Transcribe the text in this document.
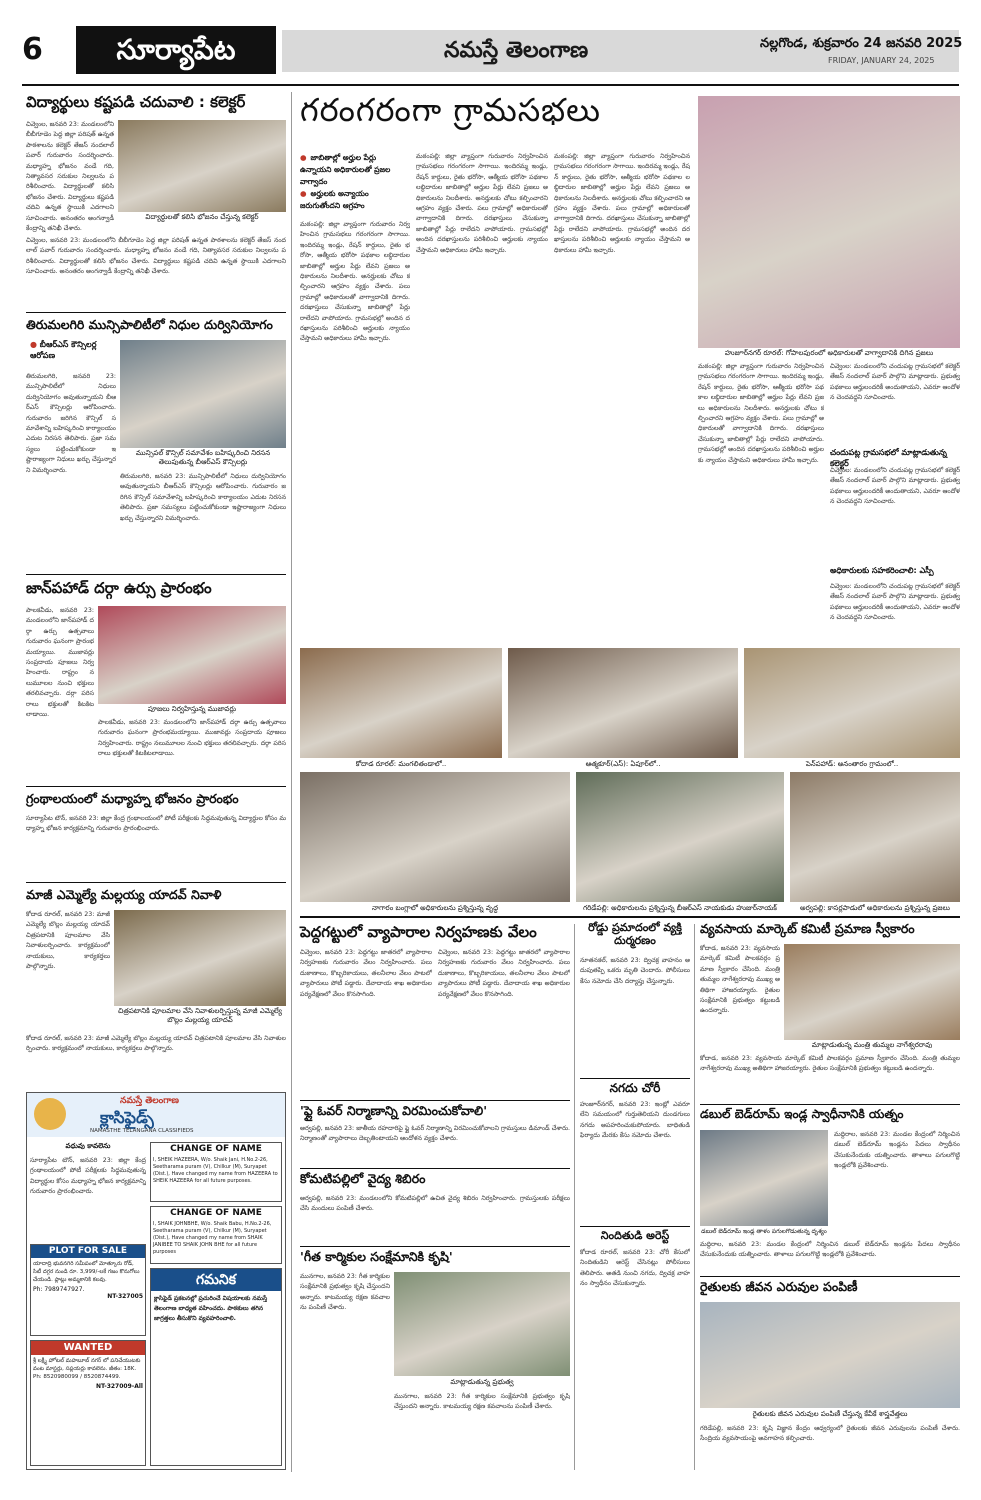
6	సూర్యాపేట	నమస్తే తెలంగాణ	నల్లగొండ, శుక్రవారం 24 జనవరి 2025
FRIDAY, JANUARY 24, 2025
విద్యార్థులు కష్టపడి చదువాలి : కలెక్టర్
చివ్వెంల, జనవరి 23: మండలంలోని బీబీగూడెం పెద్ద జిల్లా పరిషత్ ఉన్నత పాఠశాలను కలెక్టర్ తేజస్ నందలాల్ పవార్ గురువారం సందర్శించారు. మధ్యాహ్న భోజనం వండే గది, నిత్యావసర సరుకుల నిల్వలను పరిశీలించారు. విద్యార్థులతో కలిసి భోజనం చేశారు. విద్యార్థులు కష్టపడి చదివి ఉన్నత స్థాయికి ఎదగాలని సూచించారు. అనంతరం అంగన్వాడీ కేంద్రాన్ని తనిఖీ చేశారు.
విద్యార్థులతో కలిసి భోజనం చేస్తున్న కలెక్టర్
చివ్వెంల, జనవరి 23: మండలంలోని బీబీగూడెం పెద్ద జిల్లా పరిషత్ ఉన్నత పాఠశాలను కలెక్టర్ తేజస్ నందలాల్ పవార్ గురువారం సందర్శించారు. మధ్యాహ్న భోజనం వండే గది, నిత్యావసర సరుకుల నిల్వలను పరిశీలించారు. విద్యార్థులతో కలిసి భోజనం చేశారు. విద్యార్థులు కష్టపడి చదివి ఉన్నత స్థాయికి ఎదగాలని సూచించారు. అనంతరం అంగన్వాడీ కేంద్రాన్ని తనిఖీ చేశారు.
తిరుమలగిరి మున్సిపాలిటీలో నిధుల దుర్వినియోగం
● బీఆర్‌ఎస్ కౌన్సిలర్ల ఆరోపణ
తిరుమలగిరి, జనవరి 23: మున్సిపాలిటీలో నిధులు దుర్వినియోగం అవుతున్నాయని బీఆర్‌ఎస్ కౌన్సిలర్లు ఆరోపించారు. గురువారం జరిగిన కౌన్సిల్ సమావేశాన్ని బహిష్కరించి కార్యాలయం ఎదుట నిరసన తెలిపారు. ప్రజా సమస్యలు పట్టించుకోకుండా ఇష్టారాజ్యంగా నిధులు ఖర్చు చేస్తున్నారని విమర్శించారు.
మున్సిపల్ కౌన్సిల్ సమావేశం బహిష్కరించి నిరసన తెలుపుతున్న బీఆర్‌ఎస్ కౌన్సిలర్లు
తిరుమలగిరి, జనవరి 23: మున్సిపాలిటీలో నిధులు దుర్వినియోగం అవుతున్నాయని బీఆర్‌ఎస్ కౌన్సిలర్లు ఆరోపించారు. గురువారం జరిగిన కౌన్సిల్ సమావేశాన్ని బహిష్కరించి కార్యాలయం ఎదుట నిరసన తెలిపారు. ప్రజా సమస్యలు పట్టించుకోకుండా ఇష్టారాజ్యంగా నిధులు ఖర్చు చేస్తున్నారని విమర్శించారు.
జాన్‌పహాడ్ దర్గా ఉర్సు ప్రారంభం
పాలకవీడు, జనవరి 23: మండలంలోని జాన్‌పహాడ్ దర్గా ఉర్సు ఉత్సవాలు గురువారం ఘనంగా ప్రారంభమయ్యాయి. ముజావర్లు సంప్రదాయ పూజలు నిర్వహించారు. రాష్ట్రం నలుమూలల నుంచి భక్తులు తరలివచ్చారు. దర్గా పరిసరాలు భక్తులతో కిటకిటలాడాయి.
పూజలు నిర్వహిస్తున్న ముజావర్లు
పాలకవీడు, జనవరి 23: మండలంలోని జాన్‌పహాడ్ దర్గా ఉర్సు ఉత్సవాలు గురువారం ఘనంగా ప్రారంభమయ్యాయి. ముజావర్లు సంప్రదాయ పూజలు నిర్వహించారు. రాష్ట్రం నలుమూలల నుంచి భక్తులు తరలివచ్చారు. దర్గా పరిసరాలు భక్తులతో కిటకిటలాడాయి.
గ్రంథాలయంలో మధ్యాహ్న భోజనం ప్రారంభం
సూర్యాపేట టౌన్, జనవరి 23: జిల్లా కేంద్ర గ్రంథాలయంలో పోటీ పరీక్షలకు సిద్ధమవుతున్న విద్యార్థుల కోసం మధ్యాహ్న భోజన కార్యక్రమాన్ని గురువారం ప్రారంభించారు.
మాజీ ఎమ్మెల్యే మల్లయ్య యాదవ్ నివాళి
కోదాడ రూరల్, జనవరి 23: మాజీ ఎమ్మెల్యే బొల్లం మల్లయ్య యాదవ్ చిత్రపటానికి పూలమాల వేసి నివాళులర్పించారు. కార్యక్రమంలో నాయకులు, కార్యకర్తలు పాల్గొన్నారు.
చిత్రపటానికి పూలమాల వేసి నివాళులర్పిస్తున్న మాజీ ఎమ్మెల్యే బొల్లం మల్లయ్య యాదవ్
కోదాడ రూరల్, జనవరి 23: మాజీ ఎమ్మెల్యే బొల్లం మల్లయ్య యాదవ్ చిత్రపటానికి పూలమాల వేసి నివాళులర్పించారు. కార్యక్రమంలో నాయకులు, కార్యకర్తలు పాల్గొన్నారు.
నమస్తే తెలంగాణ
క్లాసిఫైడ్స్
NAMASTHE TELANGANA CLASSIFIEDS
వధువు కావలెను
సూర్యాపేట టౌన్, జనవరి 23: జిల్లా కేంద్ర గ్రంథాలయంలో పోటీ పరీక్షలకు సిద్ధమవుతున్న విద్యార్థుల కోసం మధ్యాహ్న భోజన కార్యక్రమాన్ని గురువారం ప్రారంభించారు.
CHANGE OF NAME
I, SHEIK HAZEERA, W/o. Shaik Jani, H.No.2-26, Seetharama puram (V), Chilkur (M), Suryapet (Dist.), Have changed my name from HAZEERA to SHEIK HAZEERA for all future purposes.
PLOT FOR SALE
యాదాద్రి భువనగిరి సమీపంలో మోత్కూరు రోడ్, సిటీ దగ్గర నుండి రూ. 3,999/-లకే గజం కొనుగోలు చేయండి. ప్లాట్లు అమ్మకానికి కలవు.
Ph: 7989747927.
NT-327005
CHANGE OF NAME
I, SHAIK JOHNBHE, W/o. Shaik Babu, H.No.2-26, Seetharama puram (V), Chilkur (M), Suryapet (Dist.), Have changed my name from SHAIK JANIBEE TO SHAIK JOHN BHE for all future purposes
WANTED
శ్రీ లక్ష్మీ హోటల్ మహబూబ్ నగర్ లో పనిచేయుటకు వంట మాస్టర్లు, సప్లయర్లు కావలెను. జీతం: 18K. Ph: 8520980099 / 8520874499.
NT-327009-All
గమనిక
క్లాసిఫైడ్ ప్రకటనల్లో ప్రచురించే విషయాలకు నమస్తే తెలంగాణ బాధ్యత వహించదు. పాఠకులు తగిన జాగ్రత్తలు తీసుకొని వ్యవహరించాలి.
గరంగరంగా గ్రామసభలు
● జాబితాల్లో అర్హుల పేర్లు ఉన్నాయని అధికారులతో ప్రజల వాగ్వాదం
● అర్హులకు అన్యాయం జరుగుతోందని ఆగ్రహం
మఠంపల్లి: జిల్లా వ్యాప్తంగా గురువారం నిర్వహించిన గ్రామసభలు గరంగరంగా సాగాయి. ఇందిరమ్మ ఇండ్లు, రేషన్ కార్డులు, రైతు భరోసా, ఆత్మీయ భరోసా పథకాల లబ్ధిదారుల జాబితాల్లో అర్హుల పేర్లు లేవని ప్రజలు అధికారులను నిలదీశారు. అనర్హులకు చోటు కల్పించారని ఆగ్రహం వ్యక్తం చేశారు. పలు గ్రామాల్లో అధికారులతో వాగ్వాదానికి దిగారు. దరఖాస్తులు చేసుకున్నా జాబితాల్లో పేర్లు రాలేదని వాపోయారు. గ్రామసభల్లో అందిన దరఖాస్తులను పరిశీలించి అర్హులకు న్యాయం చేస్తామని అధికారులు హామీ ఇచ్చారు.
మఠంపల్లి: జిల్లా వ్యాప్తంగా గురువారం నిర్వహించిన గ్రామసభలు గరంగరంగా సాగాయి. ఇందిరమ్మ ఇండ్లు, రేషన్ కార్డులు, రైతు భరోసా, ఆత్మీయ భరోసా పథకాల లబ్ధిదారుల జాబితాల్లో అర్హుల పేర్లు లేవని ప్రజలు అధికారులను నిలదీశారు. అనర్హులకు చోటు కల్పించారని ఆగ్రహం వ్యక్తం చేశారు. పలు గ్రామాల్లో అధికారులతో వాగ్వాదానికి దిగారు. దరఖాస్తులు చేసుకున్నా జాబితాల్లో పేర్లు రాలేదని వాపోయారు. గ్రామసభల్లో అందిన దరఖాస్తులను పరిశీలించి అర్హులకు న్యాయం చేస్తామని అధికారులు హామీ ఇచ్చారు.
మఠంపల్లి: జిల్లా వ్యాప్తంగా గురువారం నిర్వహించిన గ్రామసభలు గరంగరంగా సాగాయి. ఇందిరమ్మ ఇండ్లు, రేషన్ కార్డులు, రైతు భరోసా, ఆత్మీయ భరోసా పథకాల లబ్ధిదారుల జాబితాల్లో అర్హుల పేర్లు లేవని ప్రజలు అధికారులను నిలదీశారు. అనర్హులకు చోటు కల్పించారని ఆగ్రహం వ్యక్తం చేశారు. పలు గ్రామాల్లో అధికారులతో వాగ్వాదానికి దిగారు. దరఖాస్తులు చేసుకున్నా జాబితాల్లో పేర్లు రాలేదని వాపోయారు. గ్రామసభల్లో అందిన దరఖాస్తులను పరిశీలించి అర్హులకు న్యాయం చేస్తామని అధికారులు హామీ ఇచ్చారు.
హుజూర్‌నగర్ రూరల్: గోపాలపురంలో అధికారులతో వాగ్వాదానికి దిగిన ప్రజలు
మఠంపల్లి: జిల్లా వ్యాప్తంగా గురువారం నిర్వహించిన గ్రామసభలు గరంగరంగా సాగాయి. ఇందిరమ్మ ఇండ్లు, రేషన్ కార్డులు, రైతు భరోసా, ఆత్మీయ భరోసా పథకాల లబ్ధిదారుల జాబితాల్లో అర్హుల పేర్లు లేవని ప్రజలు అధికారులను నిలదీశారు. అనర్హులకు చోటు కల్పించారని ఆగ్రహం వ్యక్తం చేశారు. పలు గ్రామాల్లో అధికారులతో వాగ్వాదానికి దిగారు. దరఖాస్తులు చేసుకున్నా జాబితాల్లో పేర్లు రాలేదని వాపోయారు. గ్రామసభల్లో అందిన దరఖాస్తులను పరిశీలించి అర్హులకు న్యాయం చేస్తామని అధికారులు హామీ ఇచ్చారు.
చివ్వెంల: మండలంలోని చందుపట్ల గ్రామసభలో కలెక్టర్ తేజస్ నందలాల్ పవార్ పాల్గొని మాట్లాడారు. ప్రభుత్వ పథకాలు అర్హులందరికీ అందుతాయని, ఎవరూ ఆందోళన చెందవద్దని సూచించారు.
చందుపట్ల గ్రామసభలో మాట్లాడుతున్న కలెక్టర్
చివ్వెంల: మండలంలోని చందుపట్ల గ్రామసభలో కలెక్టర్ తేజస్ నందలాల్ పవార్ పాల్గొని మాట్లాడారు. ప్రభుత్వ పథకాలు అర్హులందరికీ అందుతాయని, ఎవరూ ఆందోళన చెందవద్దని సూచించారు.
అధికారులకు సహకరించాలి: ఎస్పీ
చివ్వెంల: మండలంలోని చందుపట్ల గ్రామసభలో కలెక్టర్ తేజస్ నందలాల్ పవార్ పాల్గొని మాట్లాడారు. ప్రభుత్వ పథకాలు అర్హులందరికీ అందుతాయని, ఎవరూ ఆందోళన చెందవద్దని సూచించారు.
కోదాడ రూరల్: మంగలితండాలో..	ఆత్మకూర్(ఎస్): ఏపూర్‌లో..	పెన్‌పహాడ్: అనంతారం గ్రామంలో..
నాగారం బంగ్లాలో అధికారులను ప్రశ్నిస్తున్న వృద్ధ	గరిడేపల్లి: అధికారులను ప్రశ్నిస్తున్న బీఆర్‌ఎస్ నాయకుడు హుజుర్‌నాయక్	అర్వపల్లి: కాసర్లపాడులో అధికారులను ప్రశ్నిస్తున్న ప్రజలు
పెద్దగట్టులో వ్యాపారాల నిర్వహణకు వేలం
చివ్వెంల, జనవరి 23: పెద్దగట్టు జాతరలో వ్యాపారాల నిర్వహణకు గురువారం వేలం నిర్వహించారు. పలు దుకాణాలు, కొబ్బరికాయలు, తలనీలాల వేలం పాటలో వ్యాపారులు పోటీ పడ్డారు. దేవాదాయ శాఖ అధికారుల పర్యవేక్షణలో వేలం కొనసాగింది.
చివ్వెంల, జనవరి 23: పెద్దగట్టు జాతరలో వ్యాపారాల నిర్వహణకు గురువారం వేలం నిర్వహించారు. పలు దుకాణాలు, కొబ్బరికాయలు, తలనీలాల వేలం పాటలో వ్యాపారులు పోటీ పడ్డారు. దేవాదాయ శాఖ అధికారుల పర్యవేక్షణలో వేలం కొనసాగింది.
'ఫ్లై ఓవర్ నిర్మాణాన్ని విరమించుకోవాలి'
అర్వపల్లి, జనవరి 23: జాతీయ రహదారిపై ఫ్లై ఓవర్ నిర్మాణాన్ని విరమించుకోవాలని గ్రామస్తులు డిమాండ్ చేశారు. నిర్మాణంతో వ్యాపారాలు దెబ్బతింటాయని ఆందోళన వ్యక్తం చేశారు.
కోమటిపల్లిలో వైద్య శిబిరం
అర్వపల్లి, జనవరి 23: మండలంలోని కోమటిపల్లిలో ఉచిత వైద్య శిబిరం నిర్వహించారు. గ్రామస్తులకు పరీక్షలు చేసి మందులు పంపిణీ చేశారు.
'గీత కార్మికుల సంక్షేమానికి కృషి'
మునగాల, జనవరి 23: గీత కార్మికుల సంక్షేమానికి ప్రభుత్వం కృషి చేస్తుందని అన్నారు. కాటమయ్య రక్షణ కవచాలను పంపిణీ చేశారు.
మాట్లాడుతున్న ప్రభుత్వ
మునగాల, జనవరి 23: గీత కార్మికుల సంక్షేమానికి ప్రభుత్వం కృషి చేస్తుందని అన్నారు. కాటమయ్య రక్షణ కవచాలను పంపిణీ చేశారు.
రోడ్డు ప్రమాదంలో వ్యక్తి దుర్మరణం
నూతనకల్, జనవరి 23: ద్విచక్ర వాహనం అదుపుతప్పి ఒకరు మృతి చెందారు. పోలీసులు కేసు నమోదు చేసి దర్యాప్తు చేస్తున్నారు.
నగదు చోరీ
హుజూర్‌నగర్, జనవరి 23: ఇంట్లో ఎవరూ లేని సమయంలో గుర్తుతెలియని దుండగులు నగదు అపహరించుకుపోయారు. బాధితుడి ఫిర్యాదు మేరకు కేసు నమోదు చేశారు.
నిందితుడి అరెస్ట్
కోదాడ రూరల్, జనవరి 23: చోరీ కేసులో నిందితుడిని అరెస్ట్ చేసినట్లు పోలీసులు తెలిపారు. అతడి నుంచి నగదు, ద్విచక్ర వాహనం స్వాధీనం చేసుకున్నారు.
వ్యవసాయ మార్కెట్ కమిటీ ప్రమాణ స్వీకారం
కోదాడ, జనవరి 23: వ్యవసాయ మార్కెట్ కమిటీ పాలకవర్గం ప్రమాణ స్వీకారం చేసింది. మంత్రి తుమ్మల నాగేశ్వరరావు ముఖ్య అతిథిగా హాజరయ్యారు. రైతుల సంక్షేమానికి ప్రభుత్వం కట్టుబడి ఉందన్నారు.
మాట్లాడుతున్న మంత్రి తుమ్మల నాగేశ్వరరావు
కోదాడ, జనవరి 23: వ్యవసాయ మార్కెట్ కమిటీ పాలకవర్గం ప్రమాణ స్వీకారం చేసింది. మంత్రి తుమ్మల నాగేశ్వరరావు ముఖ్య అతిథిగా హాజరయ్యారు. రైతుల సంక్షేమానికి ప్రభుత్వం కట్టుబడి ఉందన్నారు.
డబుల్ బెడ్‌రూమ్ ఇండ్ల స్వాధీనానికి యత్నం
మద్దిరాల, జనవరి 23: మండల కేంద్రంలో నిర్మించిన డబుల్ బెడ్‌రూమ్ ఇండ్లను పేదలు స్వాధీనం చేసుకునేందుకు యత్నించారు. తాళాలు పగులగొట్టి ఇండ్లలోకి ప్రవేశించారు.
డబుల్ బెడ్‌రూమ్ ఇండ్ల తాళం పగులగొడుతున్న దృశ్యం
మద్దిరాల, జనవరి 23: మండల కేంద్రంలో నిర్మించిన డబుల్ బెడ్‌రూమ్ ఇండ్లను పేదలు స్వాధీనం చేసుకునేందుకు యత్నించారు. తాళాలు పగులగొట్టి ఇండ్లలోకి ప్రవేశించారు.
రైతులకు జీవన ఎరువుల పంపిణీ
రైతులకు జీవన ఎరువుల పంపిణీ చేస్తున్న కేవీకే శాస్త్రవేత్తలు
గరిడేపల్లి, జనవరి 23: కృషి విజ్ఞాన కేంద్రం ఆధ్వర్యంలో రైతులకు జీవన ఎరువులను పంపిణీ చేశారు. సేంద్రియ వ్యవసాయంపై అవగాహన కల్పించారు.
